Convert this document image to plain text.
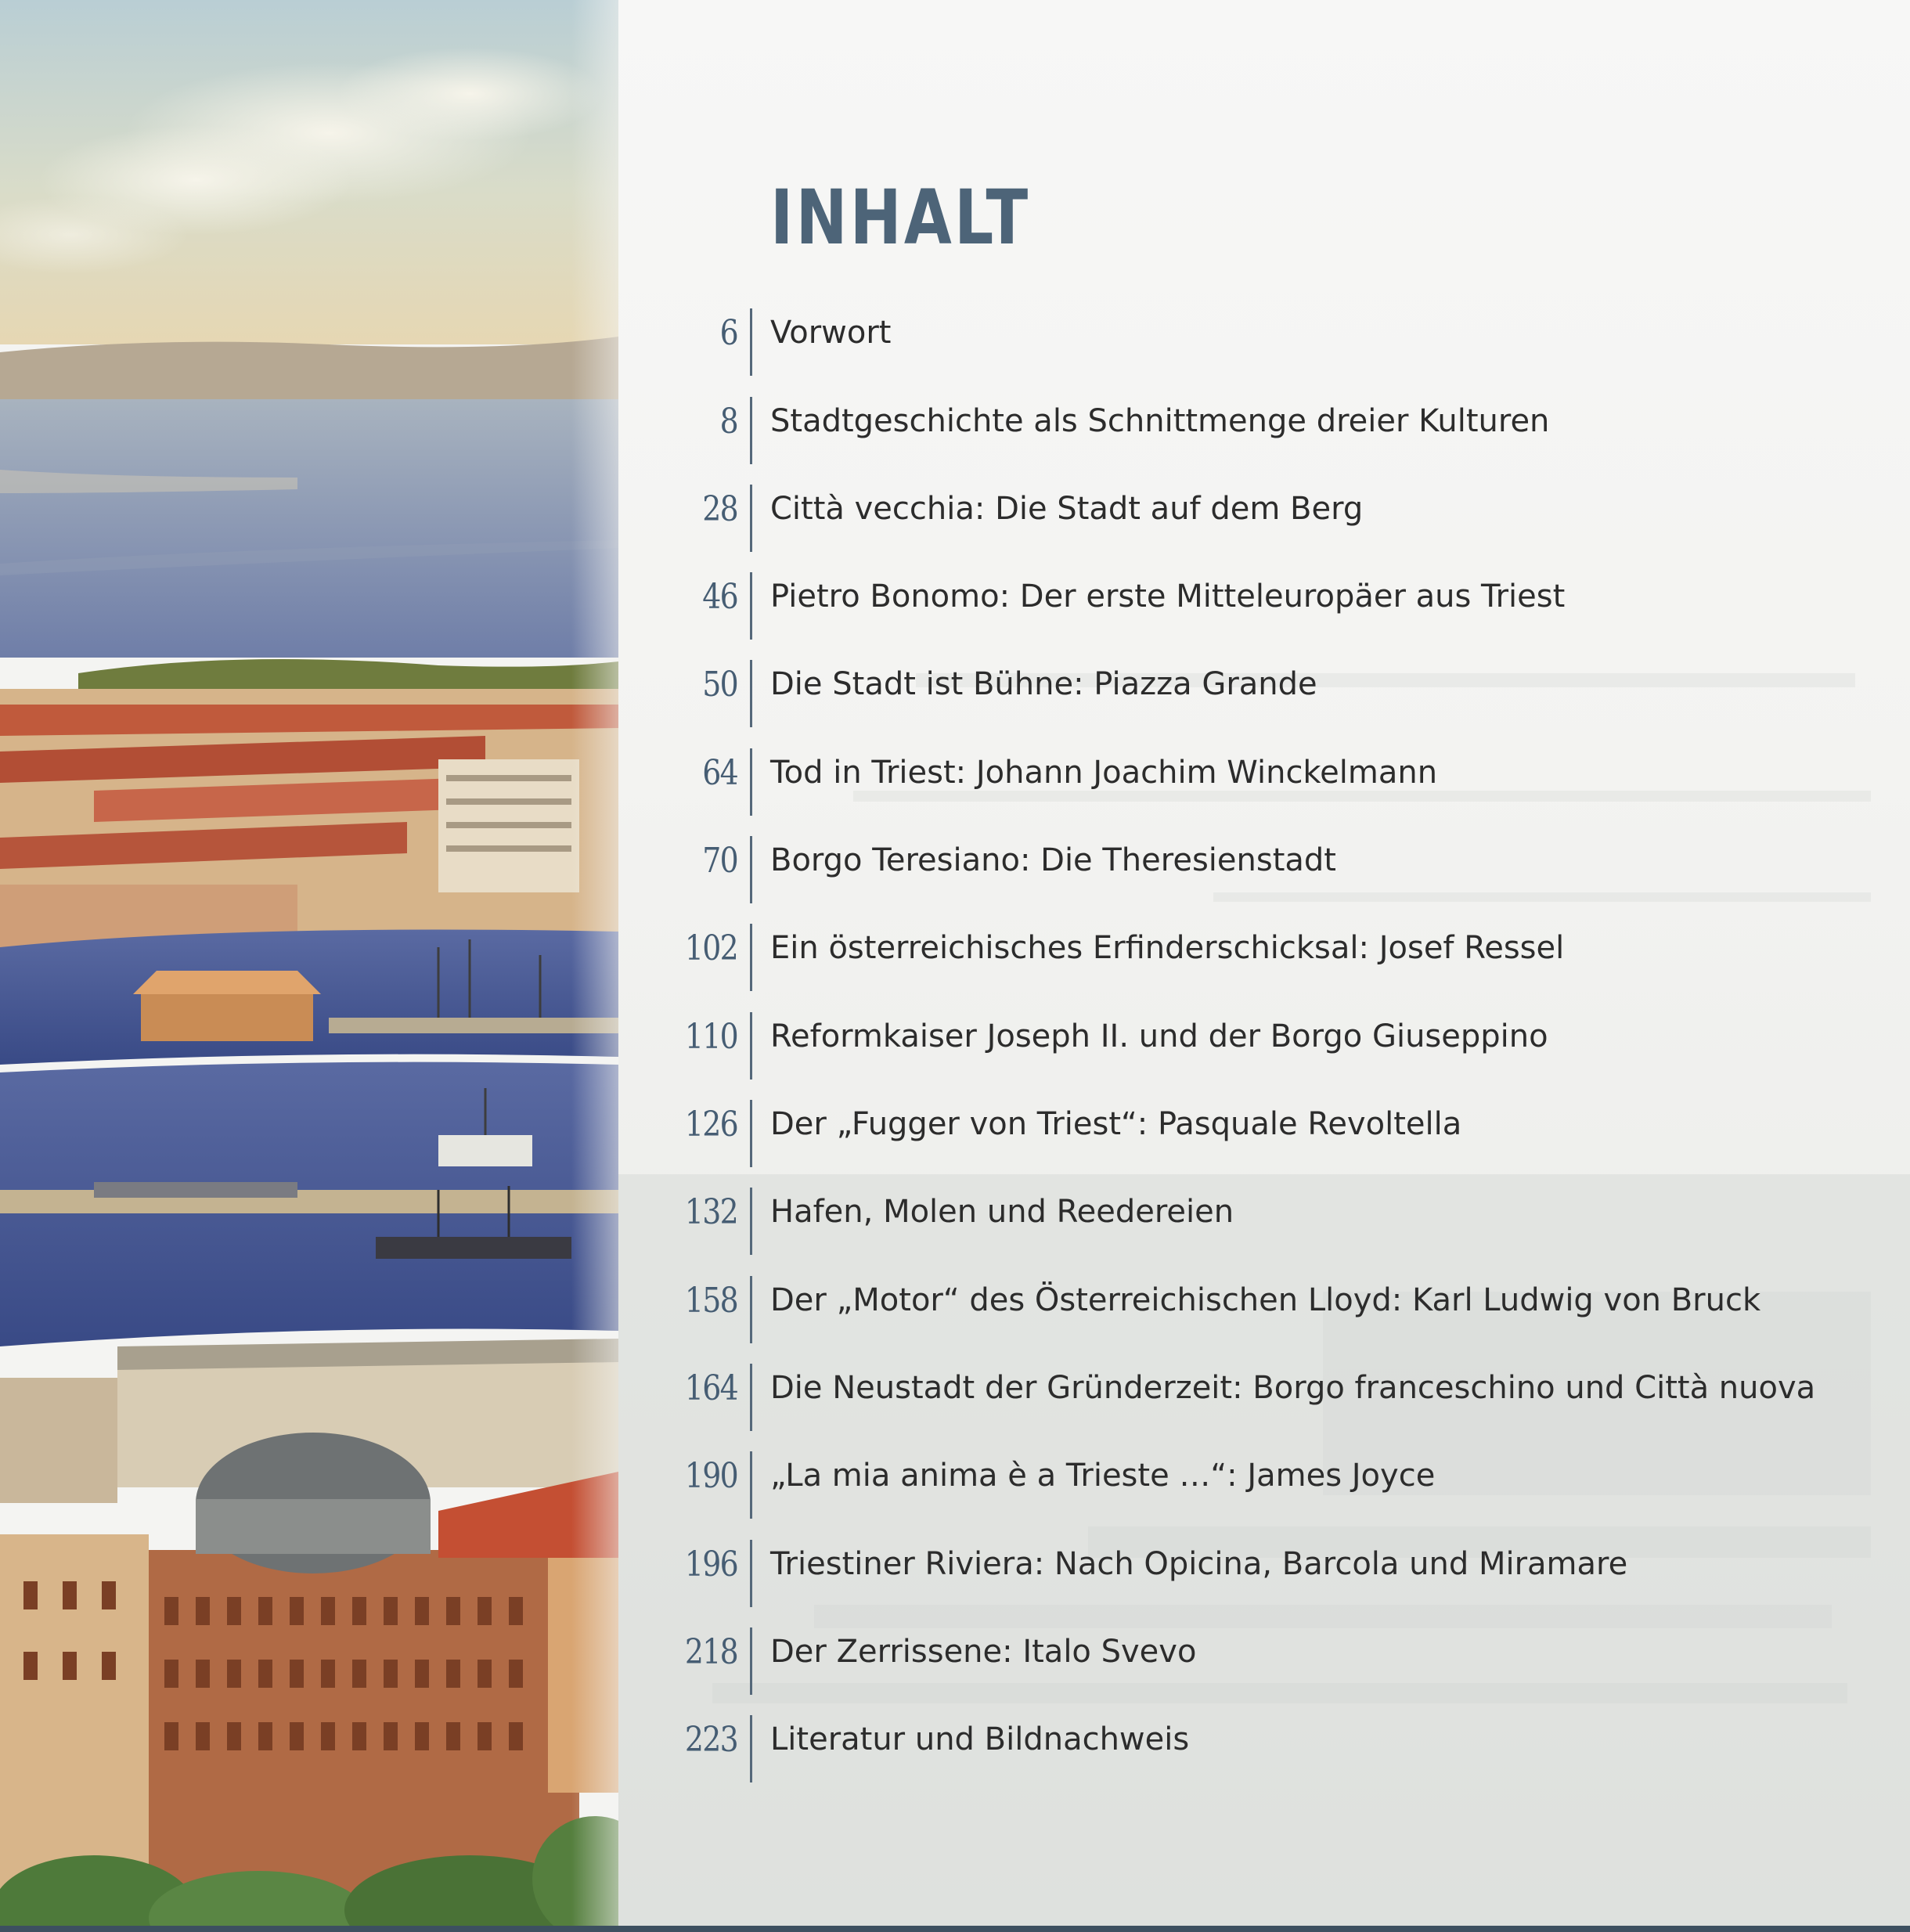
INHALT
6 Vorwort
8 Stadtgeschichte als Schnittmenge dreier Kulturen
28 Città vecchia: Die Stadt auf dem Berg
46 Pietro Bonomo: Der erste Mitteleuropäer aus Triest
50 Die Stadt ist Bühne: Piazza Grande
64 Tod in Triest: Johann Joachim Winckelmann
70 Borgo Teresiano: Die Theresienstadt
102 Ein österreichisches Erfinderschicksal: Josef Ressel
110 Reformkaiser Joseph II. und der Borgo Giuseppino
126 Der „Fugger von Triest“: Pasquale Revoltella
132 Hafen, Molen und Reedereien
158 Der „Motor“ des Österreichischen Lloyd: Karl Ludwig von Bruck
164 Die Neustadt der Gründerzeit: Borgo franceschino und Città nuova
190 „La mia anima è a Trieste …“: James Joyce
196 Triestiner Riviera: Nach Opicina, Barcola und Miramare
218 Der Zerrissene: Italo Svevo
223 Literatur und Bildnachweis
